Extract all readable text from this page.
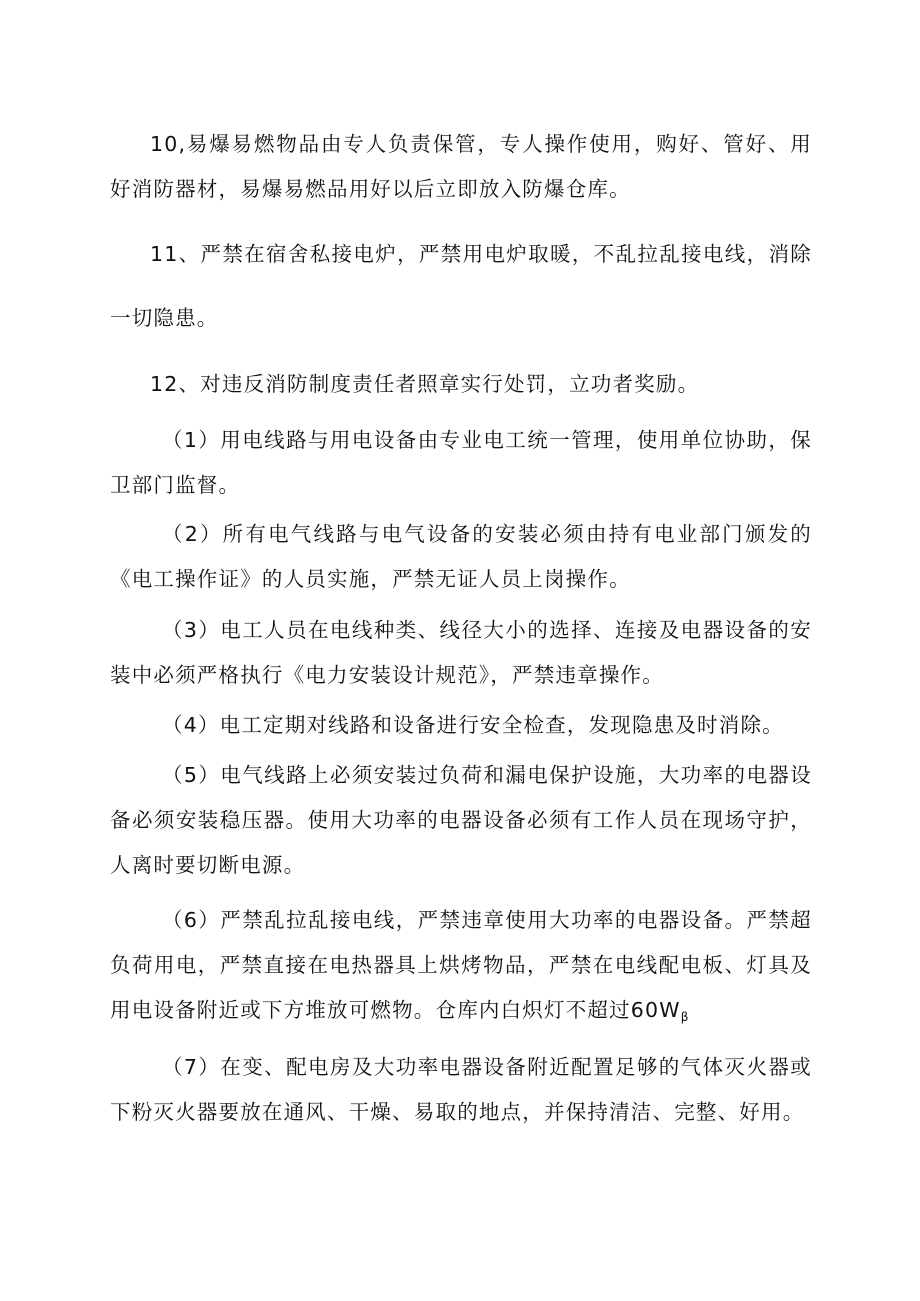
10,易爆易燃物品由专人负责保管，专人操作使用，购好、管好、用好消防器材，易爆易燃品用好以后立即放入防爆仓库。

11、严禁在宿舍私接电炉，严禁用电炉取暖，不乱拉乱接电线，消除一切隐患。

12、对违反消防制度责任者照章实行处罚，立功者奖励。

（1）用电线路与用电设备由专业电工统一管理，使用单位协助，保卫部门监督。

（2）所有电气线路与电气设备的安装必须由持有电业部门颁发的《电工操作证》的人员实施，严禁无证人员上岗操作。

（3）电工人员在电线种类、线径大小的选择、连接及电器设备的安装中必须严格执行《电力安装设计规范》，严禁违章操作。

（4）电工定期对线路和设备进行安全检查，发现隐患及时消除。

（5）电气线路上必须安装过负荷和漏电保护设施，大功率的电器设备必须安装稳压器。使用大功率的电器设备必须有工作人员在现场守护，人离时要切断电源。

（6）严禁乱拉乱接电线，严禁违章使用大功率的电器设备。严禁超负荷用电，严禁直接在电热器具上烘烤物品，严禁在电线配电板、灯具及用电设备附近或下方堆放可燃物。仓库内白炽灯不超过60Wβ

（7）在变、配电房及大功率电器设备附近配置足够的气体灭火器或下粉灭火器要放在通风、干燥、易取的地点，并保持清洁、完整、好用。
